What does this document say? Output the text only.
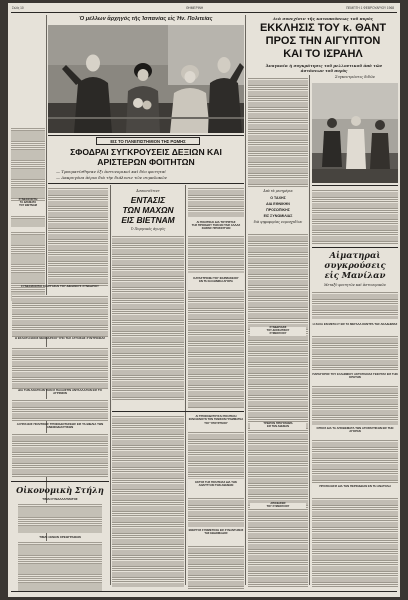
Σελίς 10	ΘΗΜΕΡΙΝΗ	ΠΕΜΠΤΗ 1 ΦΕΒΡΟΥΑΡΙΟΥ 1968
Ὁ μέλλων ἄρχηγός τῆς Ἱσπανίας εἰς Ἡν. Πολιτείας
ΕΙΣ ΤΟ ΠΑΝΕΠΙΣΤΗΜΙΟΝ ΤΗΣ ΡΩΜΗΣ
ΣΦΟΔΡΑΙ ΣΥΓΚΡΟΥΣΕΙΣ ΔΕΞΙΩΝ ΚΑΙ ΑΡΙΣΤΕΡΩΝ ΦΟΙΤΗΤΩΝ
— Τραυματίσθησαν ἕξι ἀστυνομικοὶ καὶ δύο φοιτηταί
— Δακρυγόνα ἀέρια διὰ τὴν διάλυσιν τῶν συμπλοκῶν
ΣΥΝΕΧΙΖΟΝΤΑΙ
ΤΑ ΔΡΑΜΑΤΑ
ΤΟΥ ΒΙΕΤΝΑΜ
Ἀσσοσιέϊτεντ
ΕΝΤΑΣΙΣ
ΤΩΝ ΜΑΧΩΝ
ΕΙΣ ΒΙΕΤΝΑΜ
Ὁ Πυρηνικὸς ἀγωγός
ΑΙ ΠΟΛΙΤΙΚΑΙ ΔΙΑ ΤΟΥΡΙΣΤΑΣ
ΤΗΣ ΠΡΟΟΔΟΥ ΤΩΝ ΕΝ ΤΑΙΣ ΑΛΛΑΣ
ΧΩΡΑΙΣ ΠΡΟΣΦΥΓΩΝ
ΚΑΤΑΣΤΡΟΦΗ ΤΟΥ ΦΑΡΜΑΚΕΙΟΥ
ΕΝ ΤΗ ΕΛΛΗΝΙΚΗ ΑΓΟΡΑ
ΣΥΝΕΧΙΖΟΝΤΑΙ ΑΙ ΕΡΓΑΣΙΑΙ ΤΟΥ ΔΙΕΘΝΟΥΣ ΣΥΝΕΔΡΙΟΥ
Η ΕΚΛΟΓΗ ΕΝΟΣ ΝΕΟΝΑΡΧΟΥ ΥΠΟ ΤΗΣ ΑΓΓΛΙΚΗΣ ΣΥΝΤΡΟΦΙΑΣ
ΔΙΑ ΤΗΝ ΑΝΑΓΚΗΝ ΤΩΝ ΙΣ ΠΑΛΑΙΣΤΙΝ ΑΝΤΑΛΛΑΓΩΝ ΕΙΣ ΤΟ ΑΓΡΙΝΙΟΝ
ΑΙ ΠΡΑΞΕΙΣ ΠΟΛΙΤΙΚΗΣ ΤΡΟΦΟΔΟΤΗΣΕΩΣ ΕΙΣ ΤΑ ΒΙΒΛΙΑ ΤΩΝ ΑΝΕΦΟΔΙΑΣΤΙΚΩΝ
Οἰκονομικὴ Στήλη
ΤΙΜΑΙ ΣΥΝΑΛΛΑΓΜΑΤΟΣ
ΤΙΜΑΙ ΞΕΝΩΝ ΧΡΕΩΓΡΑΦΩΝ
ΑΙ ΤΡΟΦΟΔΟΤΟΥΣΑΙ ΠΟΛΙΤΕΙΑΙ ΦΙΛΟΞΕΝΟΥΝ ΤΟΝ ΓΕΝΙΚΟΝ ΓΡΑΜΜΑΤΕΑ ΤΟΥ ΥΠΟΥΡΓΕΙΟΥ
ΕΚΤΟΣ ΤΗΣ ΠΟΛΙΤΕΙΑΣ ΔΙΑ ΤΗΝ ΑΝΑΠΤΥΞΙΝ ΤΩΝ ΑΘΗΝΩΝ
ΕΝΕΡΓΟΣ ΣΥΜΜΕΤΟΧΗ ΕΙΣ ΣΥΝΑΝΤΗΣΕΙΣ ΤΗΣ ΕΒΔΟΜΑΔΟΣ
Διὰ συνεχίσιν τῆς καταπαύσεως τοῦ πυρὸς
ΕΚΚΛΗΣΙΣ ΤΟΥ κ. ΘΑΝΤ
ΠΡΟΣ ΤΗΝ ΑΙΓΥΠΤΟΝ
ΚΑΙ ΤΟ ΙΣΡΑΗΛ
Ἀναγκαία ἡ συγκράτησις τοῦ μελλοντικοῦ ἀπὸ τῶν ἀστάσεων τοῦ πυρὸς
Συγκεντρώσεις διδῶν
Ἀπὸ τὰ μεσημέρια
Ο ΤΑΧΗΣ
ΔΙΑ ΕΘΝΙΚΗΝ
ΠΡΟΣΩΠΙΚΗΣ
ΕΙΣ ΣΥΝΩΜΙΛΙΑΣ
διὰ ψηφοφορίας νομοσχεδίων
ΣΥΝΕΔΡΙΑΣΙΣ
ΤΟΥ ΔΙΟΙΚΗΤΙΚΟΥ
ΣΥΜΒΟΥΛΙΟΥ
ΤΡΙΩΡΟΝ ΠΡΟΓΡΑΜΜΑ
ΕΙΣ ΤΗΝ ΑΘΗΝΑΝ
ΑΠΟΦΑΣΕΙΣ
ΤΟΥ ΣΥΜΒΟΥΛΙΟΥ
Αἱματηραὶ
συγκρούσεις
εἰς Μανίλαν
Μεταξὺ φοιτητῶν καὶ ἀστυνομικῶν
Η ΖΑΧΑ ΕΝ ΜΕΤΑΞΥ ΕΙΣ ΤΑ ΜΕΓΑΛΑ ΚΕΝΤΡΑ ΤΗΣ ΑΚΑΔΗΜΙΑΣ
ΠΑΡΗΓΟΡΟΣ ΤΟΥ ΕΛΛΗΝΙΚΟΥ ΑΚΤΟΠΛΟΪΑΣ ΓΕΦΥΡΑΣ ΕΙΣ ΤΗΝ ΚΡΗΤΗΝ
ΟΓΚΟΣ ΔΙΑ ΤΑ ΑΠΟΘΕΜΑΤΑ ΤΩΝ ΑΓΟΡΑΣΤΙΚΩΝ ΕΙΣ ΤΗΝ ΑΓΟΡΑΝ
ΠΡΟΣΚΛΗΣΙΣ ΔΙΑ ΤΗΝ ΠΕΡΙΟΔΕΙΑΝ ΕΝ ΤΗ ΑΝΑΤΟΛΗ
